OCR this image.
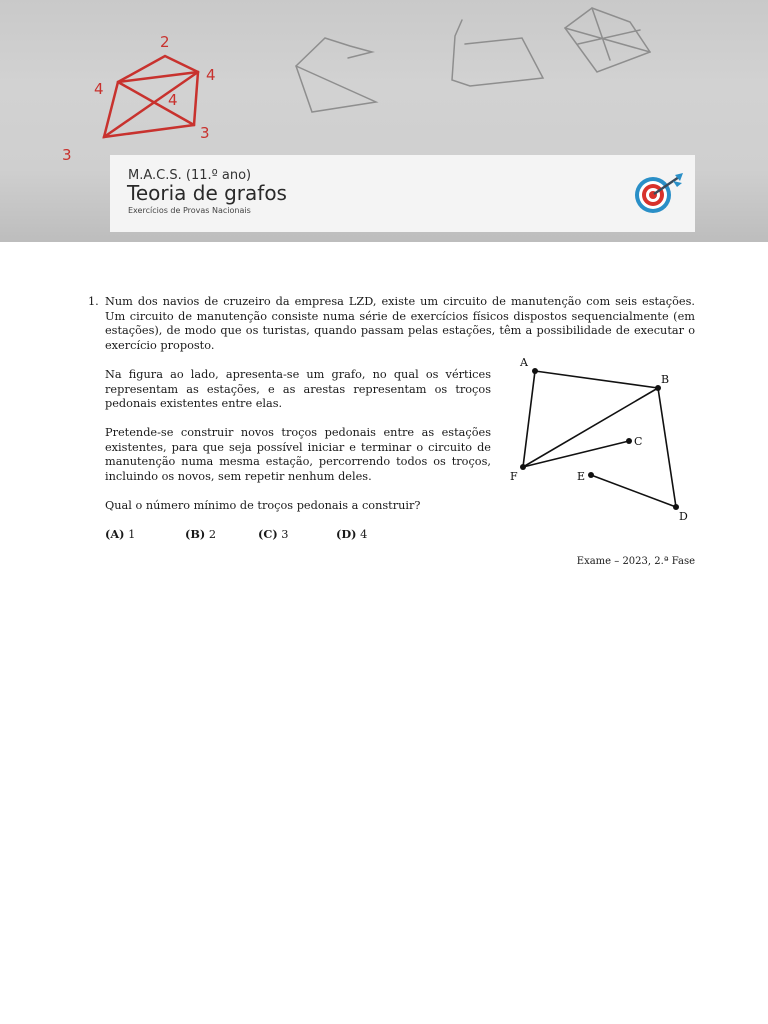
2
4
4
4
3
3
M.A.C.S. (11.º ano)
Teoria de grafos
Exercícios de Provas Nacionais
1. Num dos navios de cruzeiro da empresa LZD, existe um circuito de manutenção com seis estações. Um circuito de manutenção consiste numa série de exercícios físicos dispostos sequencialmente (em estações), de modo que os turistas, quando passam pelas estações, têm a possibilidade de executar o exercício proposto.
Na figura ao lado, apresenta-se um grafo, no qual os vértices representam as estações, e as arestas representam os troços pedonais existentes entre elas.
Pretende-se construir novos troços pedonais entre as estações existentes, para que seja possível iniciar e terminar o circuito de manutenção numa mesma estação, percorrendo todos os troços, incluindo os novos, sem repetir nenhum deles.
Qual o número mínimo de troços pedonais a construir?
(A) 1	(B) 2	(C) 3	(D) 4
Exame – 2023, 2.ª Fase
A
B
C
D
E
F
